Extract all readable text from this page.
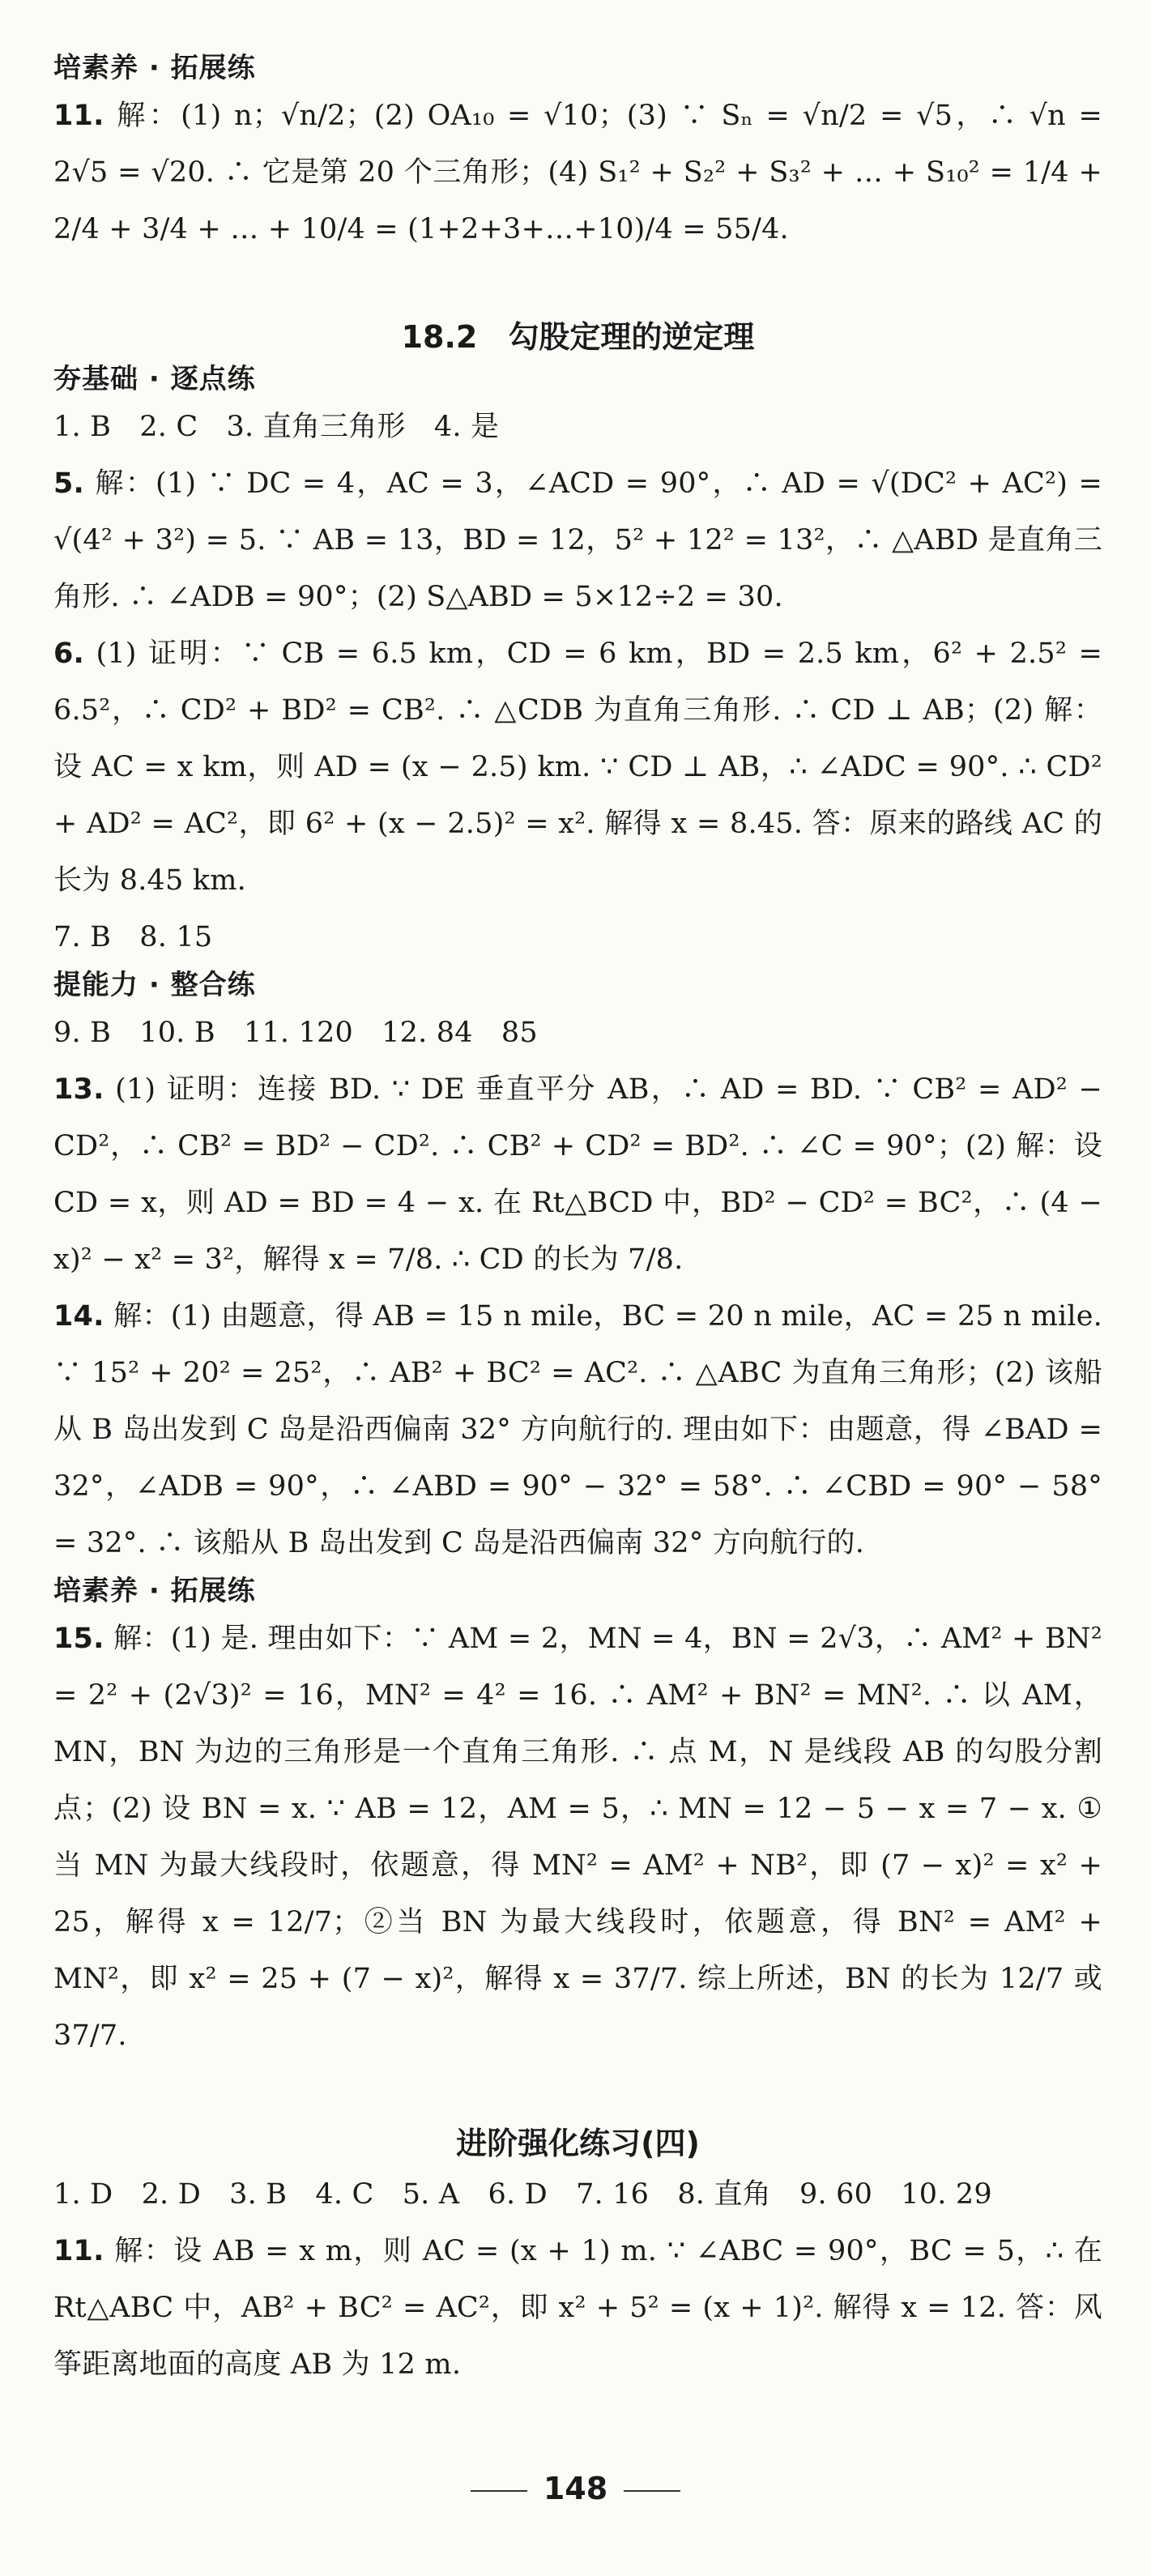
培素养 · 拓展练
11. 解：(1) n；√n/2；(2) OA₁₀ = √10；(3) ∵ Sₙ = √n/2 = √5，∴ √n = 2√5 = √20. ∴ 它是第 20 个三角形；(4) S₁² + S₂² + S₃² + … + S₁₀² = 1/4 + 2/4 + 3/4 + … + 10/4 = (1+2+3+…+10)/4 = 55/4.
18.2　勾股定理的逆定理
夯基础 · 逐点练
1. B　2. C　3. 直角三角形　4. 是
5. 解：(1) ∵ DC = 4，AC = 3，∠ACD = 90°，∴ AD = √(DC² + AC²) = √(4² + 3²) = 5. ∵ AB = 13，BD = 12，5² + 12² = 13²，∴ △ABD 是直角三角形. ∴ ∠ADB = 90°；(2) S△ABD = 5×12÷2 = 30.
6. (1) 证明：∵ CB = 6.5 km，CD = 6 km，BD = 2.5 km，6² + 2.5² = 6.5²，∴ CD² + BD² = CB². ∴ △CDB 为直角三角形. ∴ CD ⊥ AB；(2) 解：设 AC = x km，则 AD = (x − 2.5) km. ∵ CD ⊥ AB，∴ ∠ADC = 90°. ∴ CD² + AD² = AC²，即 6² + (x − 2.5)² = x². 解得 x = 8.45. 答：原来的路线 AC 的长为 8.45 km.
7. B　8. 15
提能力 · 整合练
9. B　10. B　11. 120　12. 84　85
13. (1) 证明：连接 BD. ∵ DE 垂直平分 AB，∴ AD = BD. ∵ CB² = AD² − CD²，∴ CB² = BD² − CD². ∴ CB² + CD² = BD². ∴ ∠C = 90°；(2) 解：设 CD = x，则 AD = BD = 4 − x. 在 Rt△BCD 中，BD² − CD² = BC²，∴ (4 − x)² − x² = 3²，解得 x = 7/8. ∴ CD 的长为 7/8.
14. 解：(1) 由题意，得 AB = 15 n mile，BC = 20 n mile，AC = 25 n mile. ∵ 15² + 20² = 25²，∴ AB² + BC² = AC². ∴ △ABC 为直角三角形；(2) 该船从 B 岛出发到 C 岛是沿西偏南 32° 方向航行的. 理由如下：由题意，得 ∠BAD = 32°，∠ADB = 90°，∴ ∠ABD = 90° − 32° = 58°. ∴ ∠CBD = 90° − 58° = 32°. ∴ 该船从 B 岛出发到 C 岛是沿西偏南 32° 方向航行的.
培素养 · 拓展练
15. 解：(1) 是. 理由如下：∵ AM = 2，MN = 4，BN = 2√3，∴ AM² + BN² = 2² + (2√3)² = 16，MN² = 4² = 16. ∴ AM² + BN² = MN². ∴ 以 AM，MN，BN 为边的三角形是一个直角三角形. ∴ 点 M，N 是线段 AB 的勾股分割点；(2) 设 BN = x. ∵ AB = 12，AM = 5，∴ MN = 12 − 5 − x = 7 − x. ①当 MN 为最大线段时，依题意，得 MN² = AM² + NB²，即 (7 − x)² = x² + 25，解得 x = 12/7；②当 BN 为最大线段时，依题意，得 BN² = AM² + MN²，即 x² = 25 + (7 − x)²，解得 x = 37/7. 综上所述，BN 的长为 12/7 或 37/7.
进阶强化练习(四)
1. D　2. D　3. B　4. C　5. A　6. D　7. 16　8. 直角　9. 60　10. 29
11. 解：设 AB = x m，则 AC = (x + 1) m. ∵ ∠ABC = 90°，BC = 5，∴ 在 Rt△ABC 中，AB² + BC² = AC²，即 x² + 5² = (x + 1)². 解得 x = 12. 答：风筝距离地面的高度 AB 为 12 m.
148
